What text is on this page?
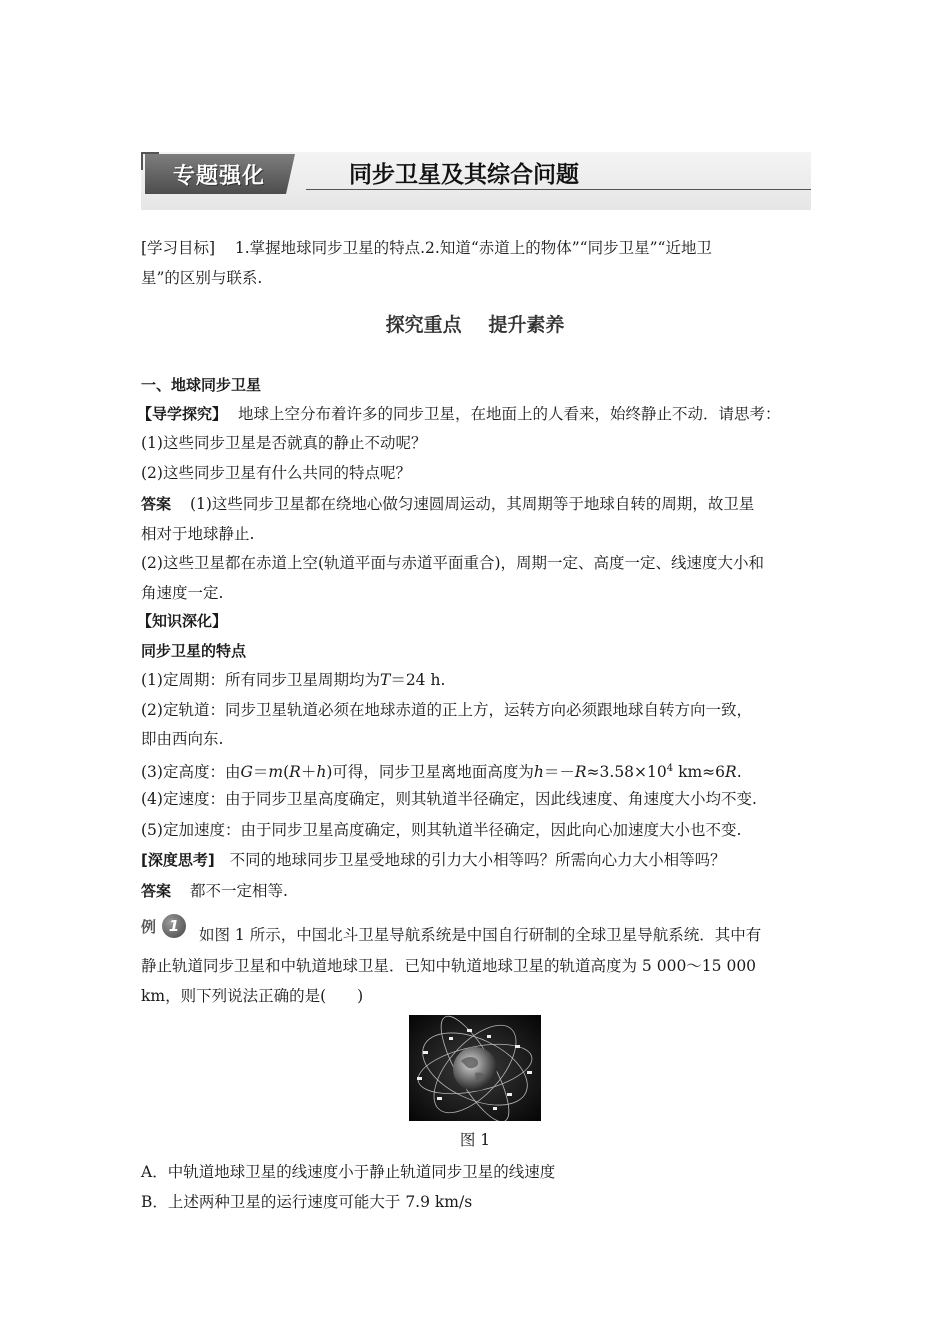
专题强化	同步卫星及其综合问题
[学习目标] 1.掌握地球同步卫星的特点.2.知道“赤道上的物体”“同步卫星”“近地卫
星”的区别与联系.
探究重点 提升素养
一、地球同步卫星
【导学探究】 地球上空分布着许多的同步卫星，在地面上的人看来，始终静止不动．请思考：
(1)这些同步卫星是否就真的静止不动呢？
(2)这些同步卫星有什么共同的特点呢？
答案 (1)这些同步卫星都在绕地心做匀速圆周运动，其周期等于地球自转的周期，故卫星
相对于地球静止.
(2)这些卫星都在赤道上空(轨道平面与赤道平面重合)，周期一定、高度一定、线速度大小和
角速度一定.
【知识深化】
同步卫星的特点
(1)定周期：所有同步卫星周期均为T＝24 h.
(2)定轨道：同步卫星轨道必须在地球赤道的正上方，运转方向必须跟地球自转方向一致，
即由西向东.
(3)定高度：由G＝m(R＋h)可得，同步卫星离地面高度为$h=-R\approx 3.58\times 10^4$ km≈6R.
(4)定速度：由于同步卫星高度确定，则其轨道半径确定，因此线速度、角速度大小均不变.
(5)定加速度：由于同步卫星高度确定，则其轨道半径确定，因此向心加速度大小也不变.
[深度思考] 不同的地球同步卫星受地球的引力大小相等吗？所需向心力大小相等吗？
答案 都不一定相等.
例 1	如图 1 所示，中国北斗卫星导航系统是中国自行研制的全球卫星导航系统．其中有
静止轨道同步卫星和中轨道地球卫星．已知中轨道地球卫星的轨道高度为 5 000～15 000
km，则下列说法正确的是(　　)
图 1
A．中轨道地球卫星的线速度小于静止轨道同步卫星的线速度
B．上述两种卫星的运行速度可能大于 7.9 km/s
